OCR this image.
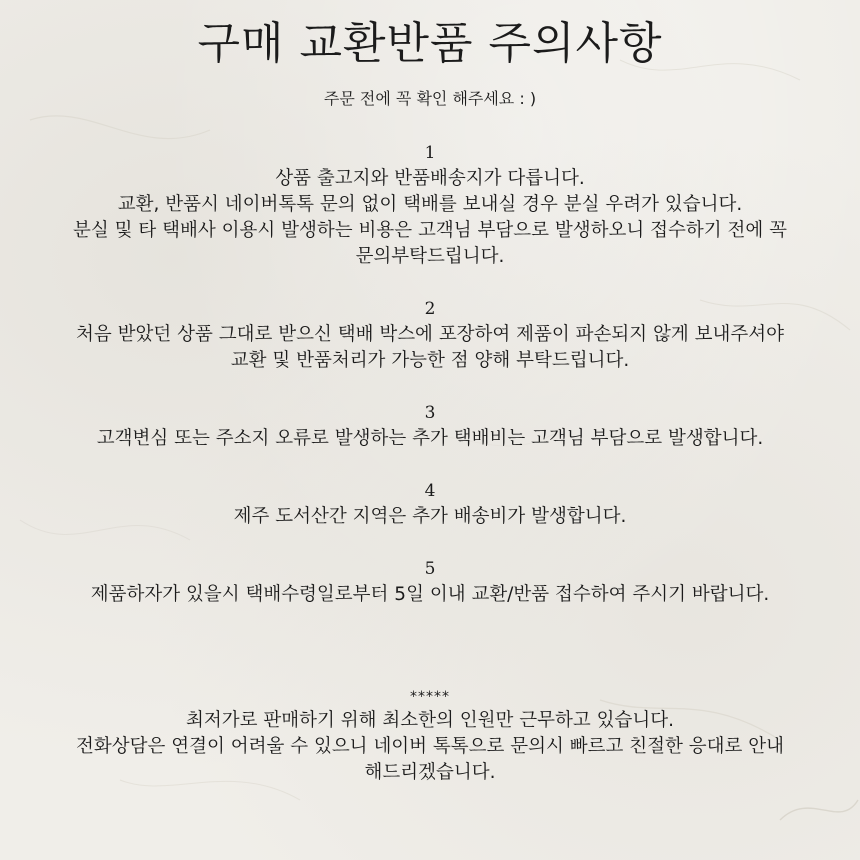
구매 교환반품 주의사항
주문 전에 꼭 확인 해주세요 : )
1
상품 출고지와 반품배송지가 다릅니다.
교환, 반품시 네이버톡톡 문의 없이 택배를 보내실 경우 분실 우려가 있습니다.
분실 및 타 택배사 이용시 발생하는 비용은 고객님 부담으로 발생하오니 접수하기 전에 꼭
문의부탁드립니다.
2
처음 받았던 상품 그대로 받으신 택배 박스에 포장하여 제품이 파손되지 않게 보내주셔야
교환 및 반품처리가 가능한 점 양해 부탁드립니다.
3
고객변심 또는 주소지 오류로 발생하는 추가 택배비는 고객님 부담으로 발생합니다.
4
제주 도서산간 지역은 추가 배송비가 발생합니다.
5
제품하자가 있을시 택배수령일로부터 5일 이내 교환/반품 접수하여 주시기 바랍니다.
*****
최저가로 판매하기 위해 최소한의 인원만 근무하고 있습니다.
전화상담은 연결이 어려울 수 있으니 네이버 톡톡으로 문의시 빠르고 친절한 응대로 안내
해드리겠습니다.
